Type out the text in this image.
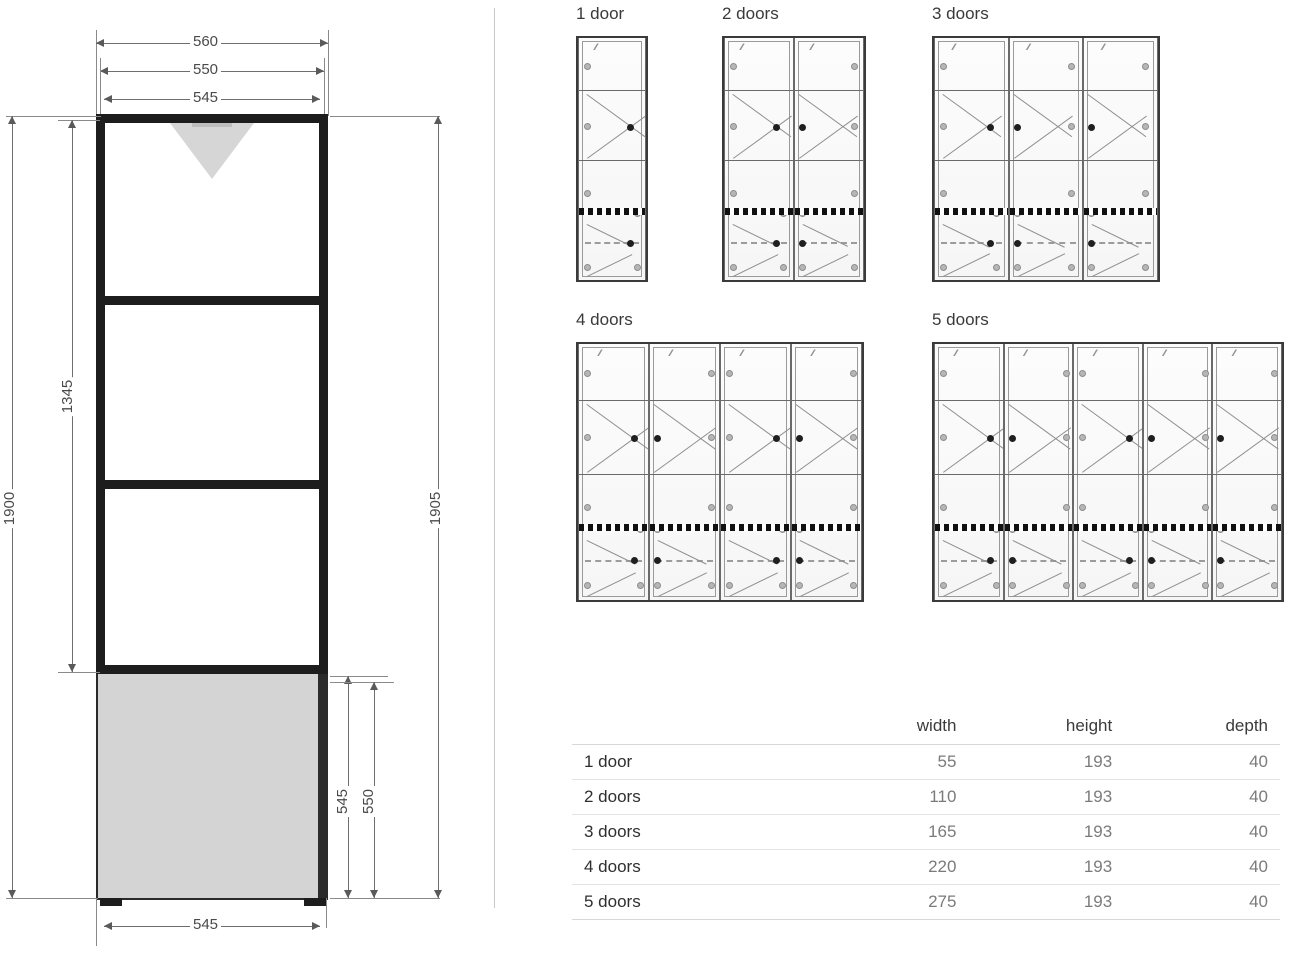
560
550
545
1900
1345
1905
545 550
545
1 door
⁄⁄⁄
2 doors
⁄⁄⁄	⁄⁄⁄
3 doors
⁄⁄⁄	⁄⁄⁄	⁄⁄⁄
4 doors
⁄⁄⁄	⁄⁄⁄	⁄⁄⁄	⁄⁄⁄
5 doors
⁄⁄⁄	⁄⁄⁄	⁄⁄⁄	⁄⁄⁄	⁄⁄⁄
	width	height	depth
1 door	55	193	40
2 doors	110	193	40
3 doors	165	193	40
4 doors	220	193	40
5 doors	275	193	40
